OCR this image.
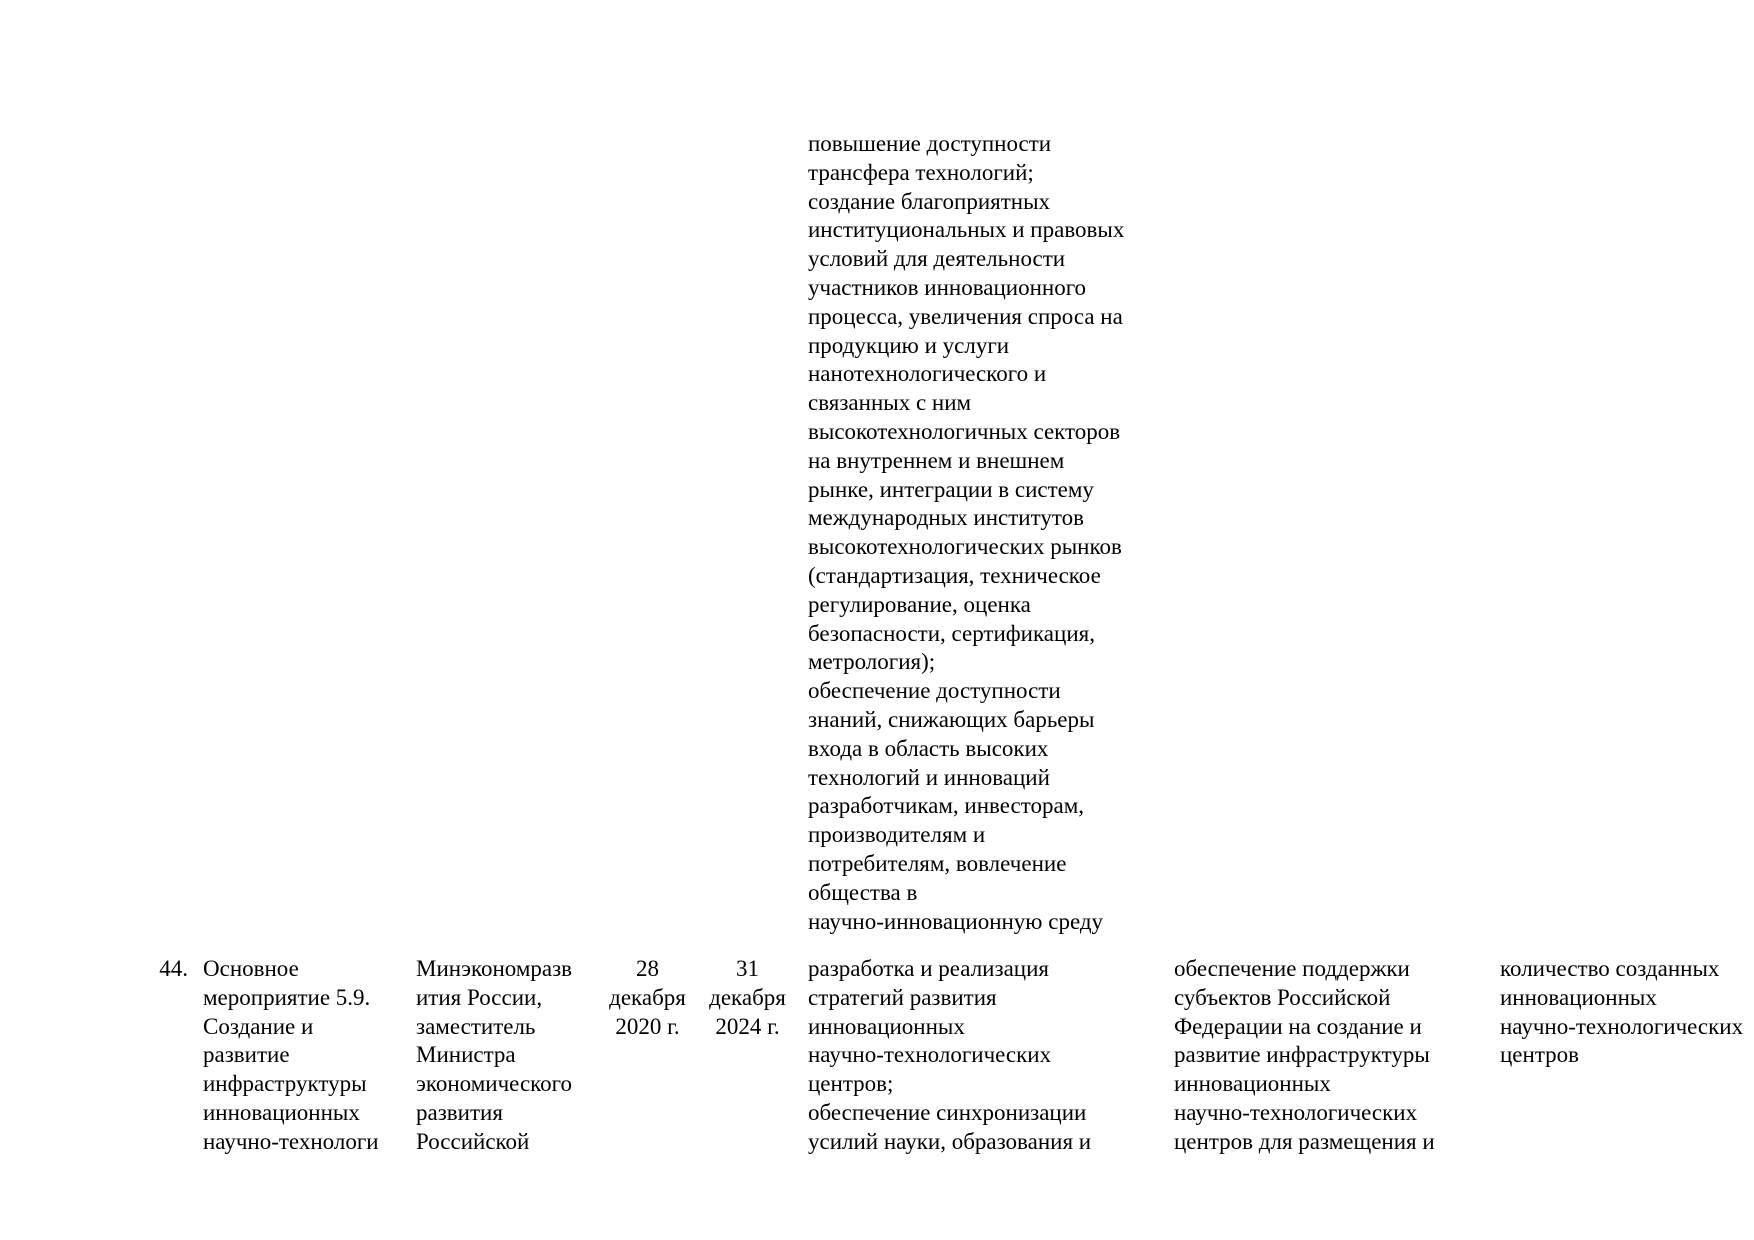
повышение доступности
трансфера технологий;
создание благоприятных
институциональных и правовых
условий для деятельности
участников инновационного
процесса, увеличения спроса на
продукцию и услуги
нанотехнологического и
связанных с ним
высокотехнологичных секторов
на внутреннем и внешнем
рынке, интеграции в систему
международных институтов
высокотехнологических рынков
(стандартизация, техническое
регулирование, оценка
безопасности, сертификация,
метрология);
обеспечение доступности
знаний, снижающих барьеры
входа в область высоких
технологий и инноваций
разработчикам, инвесторам,
производителям и
потребителям, вовлечение
общества в
научно-инновационную среду
44. Основное
мероприятие 5.9.
Создание и
развитие
инфраструктуры
инновационных
научно-технологи
Минэкономразв
ития России,
заместитель
Министра
экономического
развития
Российской
28
декабря
2020 г.
31
декабря
2024 г.
разработка и реализация
стратегий развития
инновационных
научно-технологических
центров;
обеспечение синхронизации
усилий науки, образования и
обеспечение поддержки
субъектов Российской
Федерации на создание и
развитие инфраструктуры
инновационных
научно-технологических
центров для размещения и
количество созданных
инновационных
научно-технологических
центров
